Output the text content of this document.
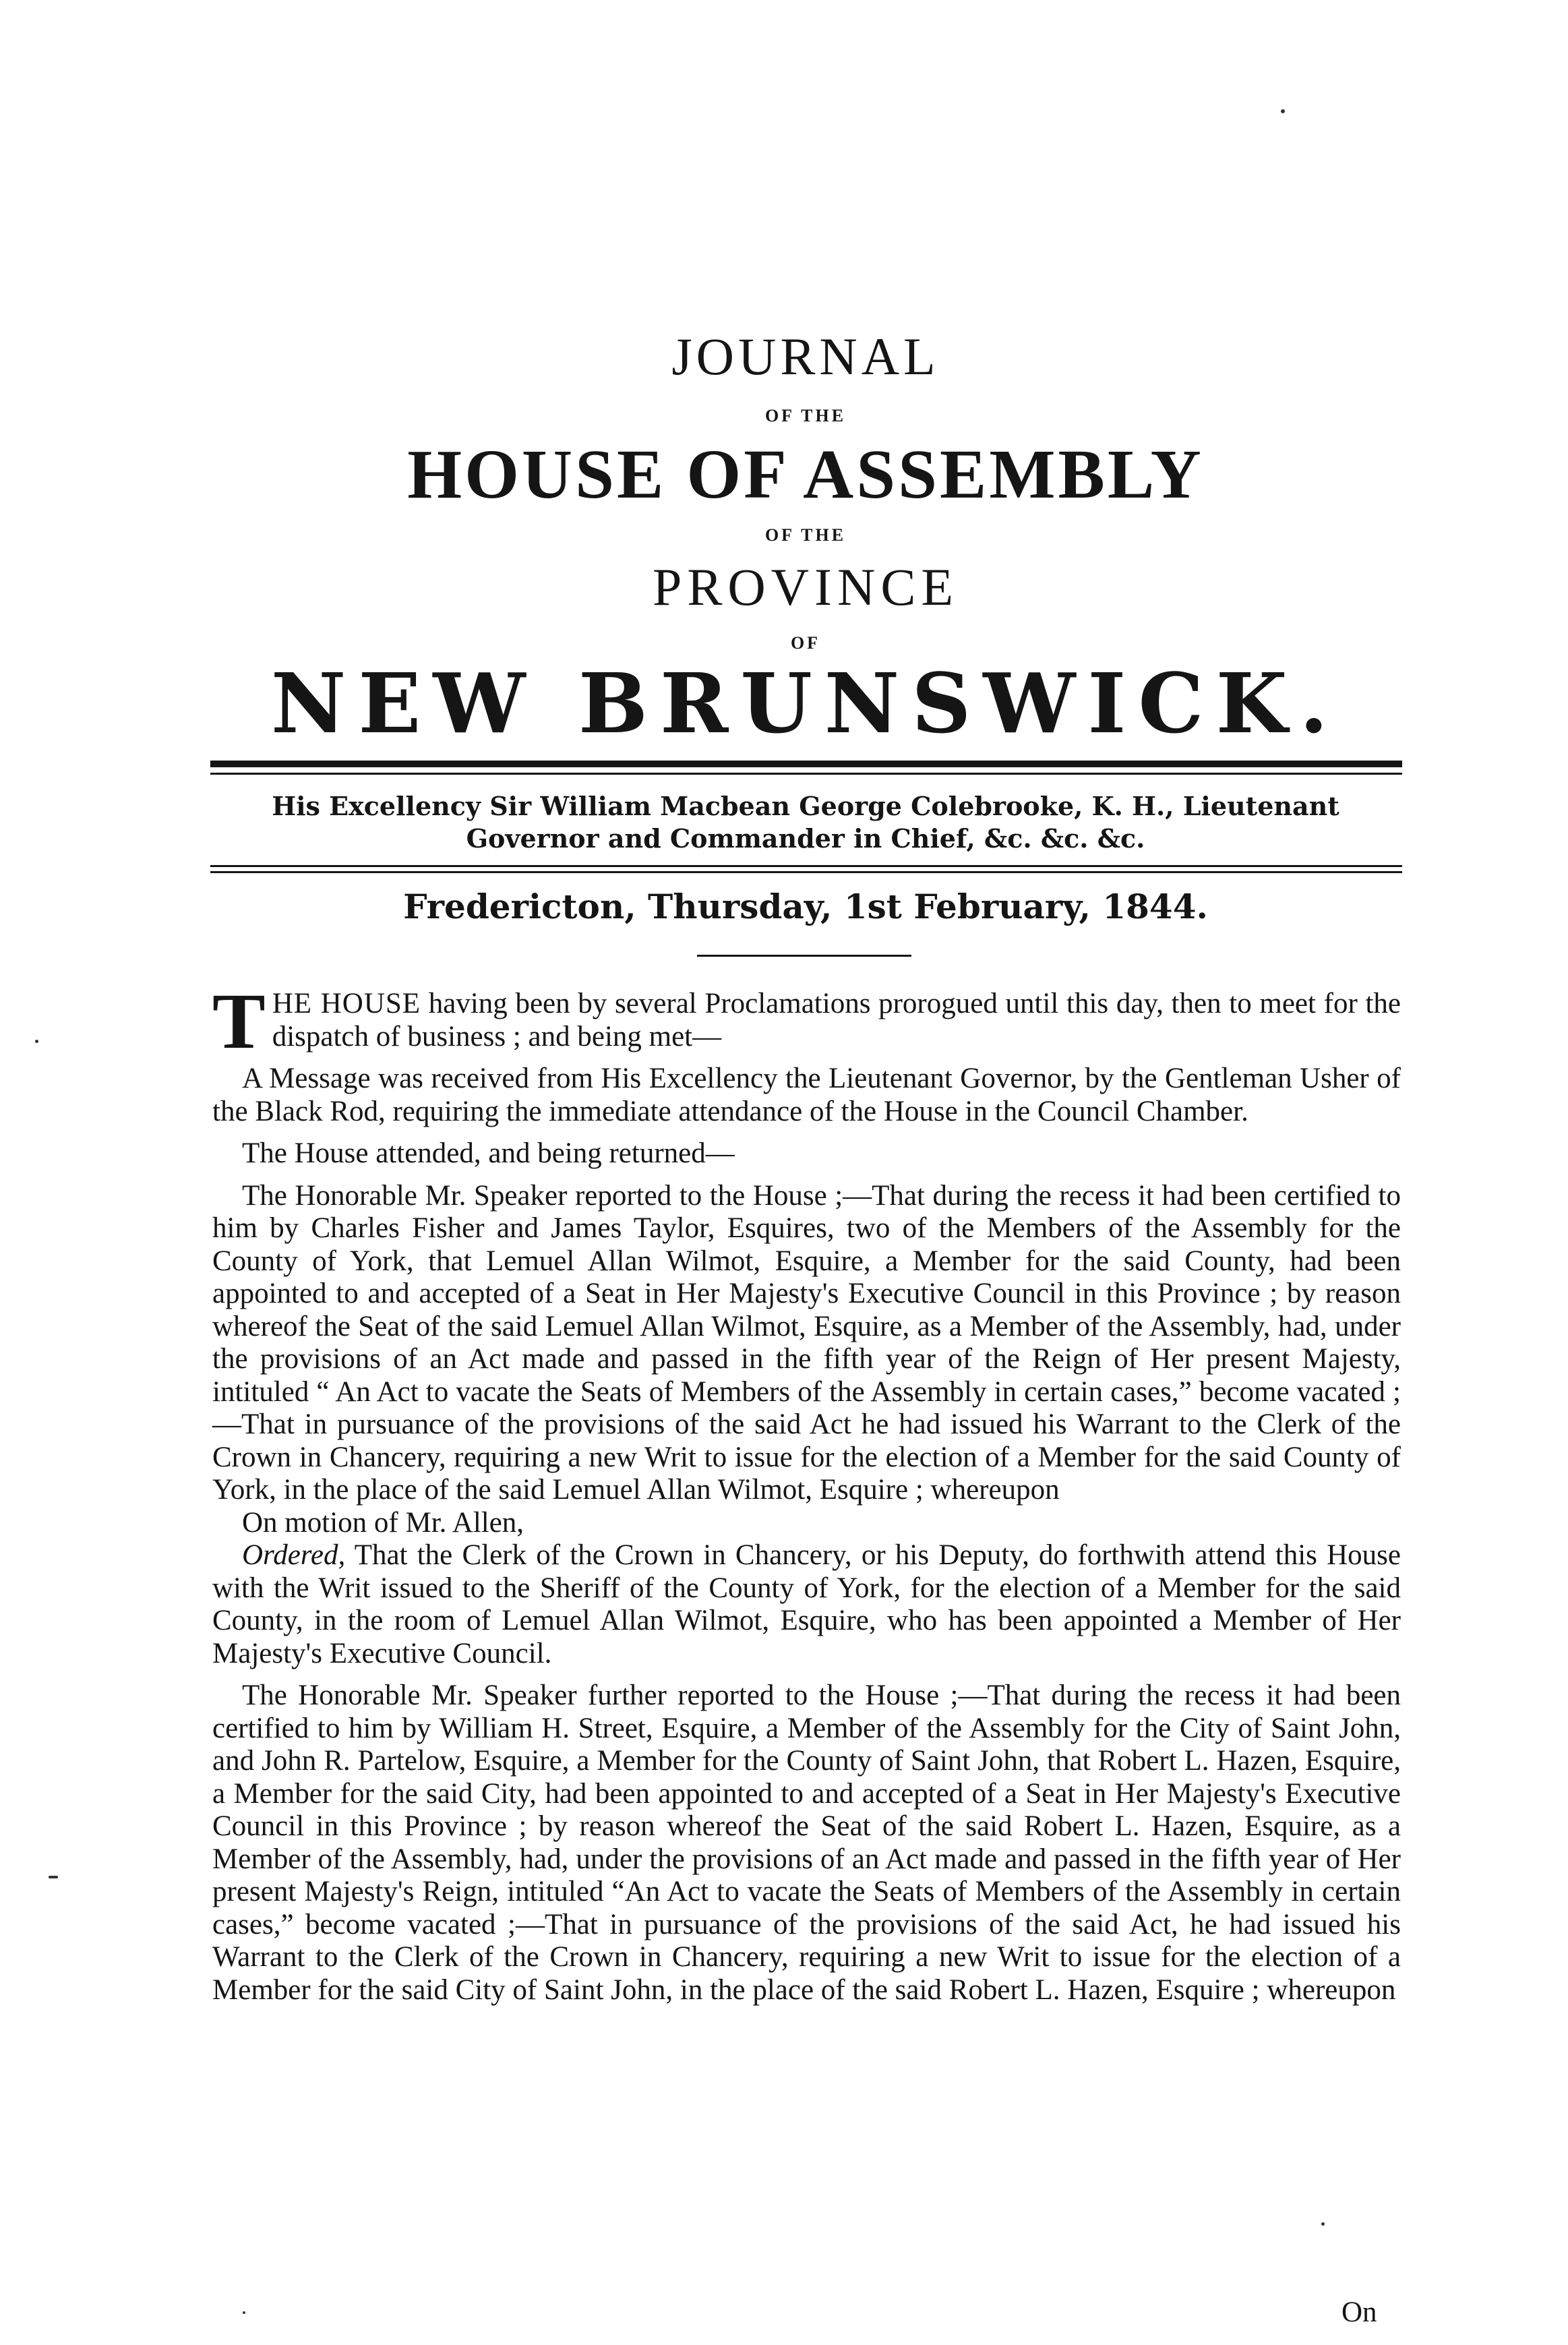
JOURNAL
OF THE
HOUSE OF ASSEMBLY
OF THE
PROVINCE
OF
NEW BRUNSWICK.
His Excellency Sir William Macbean George Colebrooke, K. H., Lieutenant Governor and Commander in Chief, &c. &c. &c.
Fredericton, Thursday, 1st February, 1844.

THE HOUSE having been by several Proclamations prorogued until this day, then to meet for the dispatch of business ; and being met—

A Message was received from His Excellency the Lieutenant Governor, by the Gentleman Usher of the Black Rod, requiring the immediate attendance of the House in the Council Chamber.

The House attended, and being returned—

The Honorable Mr. Speaker reported to the House ;—That during the recess it had been certified to him by Charles Fisher and James Taylor, Esquires, two of the Members of the Assembly for the County of York, that Lemuel Allan Wilmot, Esquire, a Member for the said County, had been appointed to and accepted of a Seat in Her Majesty's Executive Council in this Province ; by reason whereof the Seat of the said Lemuel Allan Wilmot, Esquire, as a Member of the Assembly, had, under the provisions of an Act made and passed in the fifth year of the Reign of Her present Majesty, intituled “ An Act to vacate the Seats of Members of the Assembly in certain cases,” become vacated ;—That in pursuance of the provisions of the said Act he had issued his Warrant to the Clerk of the Crown in Chancery, requiring a new Writ to issue for the election of a Member for the said County of York, in the place of the said Lemuel Allan Wilmot, Esquire ; whereupon

On motion of Mr. Allen,

Ordered, That the Clerk of the Crown in Chancery, or his Deputy, do forthwith attend this House with the Writ issued to the Sheriff of the County of York, for the election of a Member for the said County, in the room of Lemuel Allan Wilmot, Esquire, who has been appointed a Member of Her Majesty's Executive Council.

The Honorable Mr. Speaker further reported to the House ;—That during the recess it had been certified to him by William H. Street, Esquire, a Member of the Assembly for the City of Saint John, and John R. Partelow, Esquire, a Member for the County of Saint John, that Robert L. Hazen, Esquire, a Member for the said City, had been appointed to and accepted of a Seat in Her Majesty's Executive Council in this Province ; by reason whereof the Seat of the said Robert L. Hazen, Esquire, as a Member of the Assembly, had, under the provisions of an Act made and passed in the fifth year of Her present Majesty's Reign, intituled “An Act to vacate the Seats of Members of the Assembly in certain cases,” become vacated ;—That in pursuance of the provisions of the said Act, he had issued his Warrant to the Clerk of the Crown in Chancery, requiring a new Writ to issue for the election of a Member for the said City of Saint John, in the place of the said Robert L. Hazen, Esquire ; whereupon

On
